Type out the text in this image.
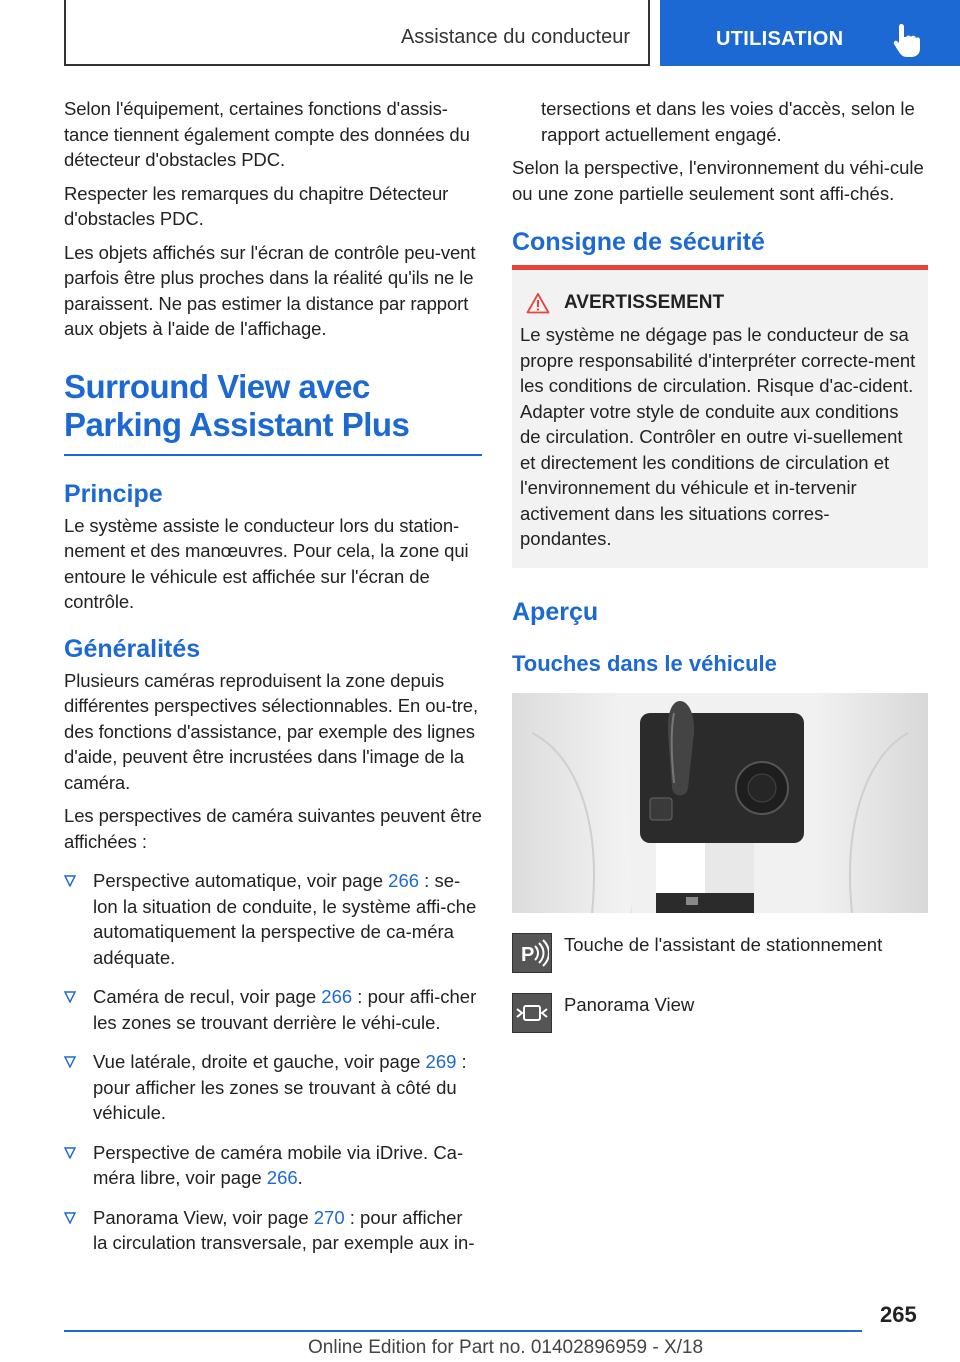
Assistance du conducteur	UTILISATION

Selon l'équipement, certaines fonctions d'assis-tance tiennent également compte des données du détecteur d'obstacles PDC.

Respecter les remarques du chapitre Détecteur d'obstacles PDC.

Les objets affichés sur l'écran de contrôle peu-vent parfois être plus proches dans la réalité qu'ils ne le paraissent. Ne pas estimer la distance par rapport aux objets à l'aide de l'affichage.

Surround View avec
Parking Assistant Plus
Principe

Le système assiste le conducteur lors du station-nement et des manœuvres. Pour cela, la zone qui entoure le véhicule est affichée sur l'écran de contrôle.

Généralités

Plusieurs caméras reproduisent la zone depuis différentes perspectives sélectionnables. En ou-tre, des fonctions d'assistance, par exemple des lignes d'aide, peuvent être incrustées dans l'image de la caméra.

Les perspectives de caméra suivantes peuvent être affichées :

Perspective automatique, voir page 266 : se-lon la situation de conduite, le système affi-che automatiquement la perspective de ca-méra adéquate.
Caméra de recul, voir page 266 : pour affi-cher les zones se trouvant derrière le véhi-cule.
Vue latérale, droite et gauche, voir page 269 : pour afficher les zones se trouvant à côté du véhicule.
Perspective de caméra mobile via iDrive. Ca-méra libre, voir page 266.
Panorama View, voir page 270 : pour afficher la circulation transversale, par exemple aux in-

tersections et dans les voies d'accès, selon le rapport actuellement engagé.

Selon la perspective, l'environnement du véhi-cule ou une zone partielle seulement sont affi-chés.

Consigne de sécurité
AVERTISSEMENT

Le système ne dégage pas le conducteur de sa propre responsabilité d'interpréter correcte-ment les conditions de circulation. Risque d'ac-cident. Adapter votre style de conduite aux conditions de circulation. Contrôler en outre vi-suellement et directement les conditions de circulation et l'environnement du véhicule et in-tervenir activement dans les situations corres-pondantes.

Aperçu
Touches dans le véhicule
P Touche de l'assistant de stationnement
Panorama View
265
Online Edition for Part no. 01402896959 - X/18
